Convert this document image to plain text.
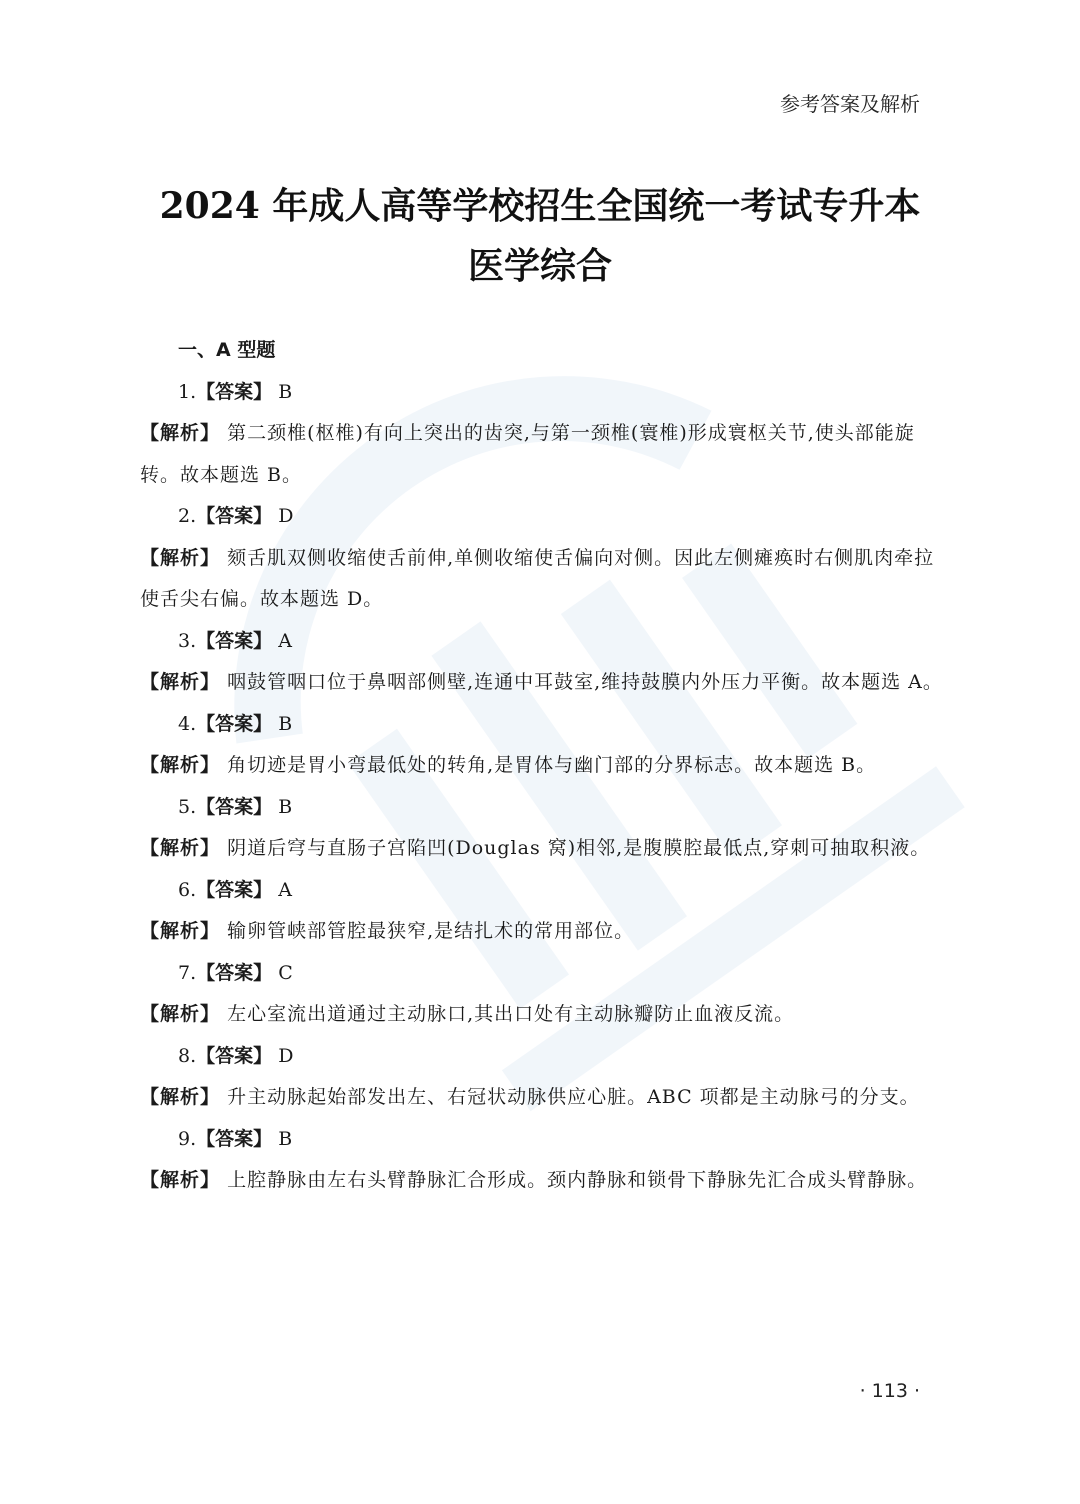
参考答案及解析
2024 年成人高等学校招生全国统一考试专升本
医学综合
一、A 型题
1.【答案】 B
【解析】 第二颈椎(枢椎)有向上突出的齿突,与第一颈椎(寰椎)形成寰枢关节,使头部能旋转。故本题选 B。
2.【答案】 D
【解析】 颏舌肌双侧收缩使舌前伸,单侧收缩使舌偏向对侧。因此左侧瘫痪时右侧肌肉牵拉使舌尖右偏。故本题选 D。
3.【答案】 A
【解析】 咽鼓管咽口位于鼻咽部侧壁,连通中耳鼓室,维持鼓膜内外压力平衡。故本题选 A。
4.【答案】 B
【解析】 角切迹是胃小弯最低处的转角,是胃体与幽门部的分界标志。故本题选 B。
5.【答案】 B
【解析】 阴道后穹与直肠子宫陷凹(Douglas 窝)相邻,是腹膜腔最低点,穿刺可抽取积液。
6.【答案】 A
【解析】 输卵管峡部管腔最狭窄,是结扎术的常用部位。
7.【答案】 C
【解析】 左心室流出道通过主动脉口,其出口处有主动脉瓣防止血液反流。
8.【答案】 D
【解析】 升主动脉起始部发出左、右冠状动脉供应心脏。ABC 项都是主动脉弓的分支。
9.【答案】 B
【解析】 上腔静脉由左右头臂静脉汇合形成。颈内静脉和锁骨下静脉先汇合成头臂静脉。
· 113 ·
